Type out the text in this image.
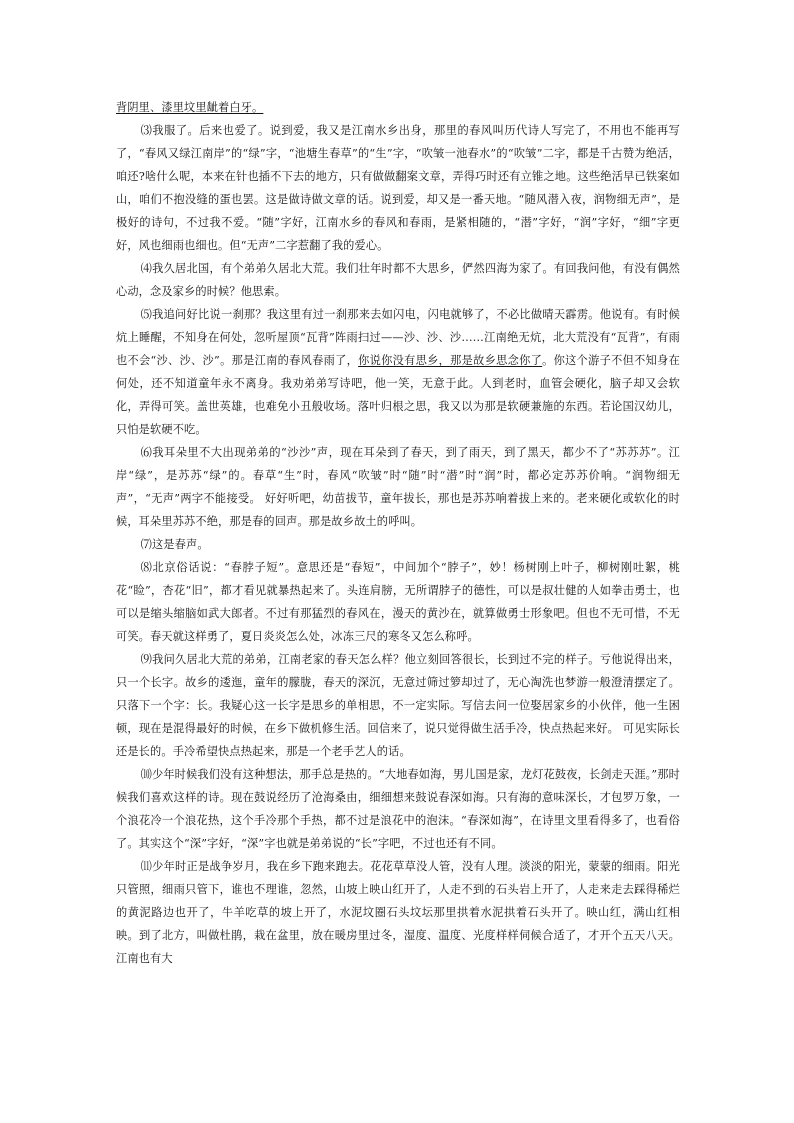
背阴里、漆里坟里龇着白牙。

⑶我服了。后来也爱了。说到爱，我又是江南水乡出身，那里的春风叫历代诗人写完了，不用也不能再写了，“春风又绿江南岸”的“绿”字，“池塘生春草”的“生”字，“吹皱一池春水”的“吹皱”二字，都是千古赞为绝活，咱还?啥什么呢，本来在针也插不下去的地方，只有做做翻案文章，弄得巧时还有立锥之地。这些绝活早已铁案如山，咱们不抱没缝的蛋也罢。这是做诗做文章的话。说到爱，却又是一番天地。“随风潜入夜，润物细无声”，是极好的诗句，不过我不爱。“随”字好，江南水乡的春风和春雨，是紧相随的，“潜”字好，“润”字好，“细”字更好，风也细雨也细也。但“无声”二字惹翻了我的爱心。

⑷我久居北国，有个弟弟久居北大荒。我们壮年时都不大思乡，俨然四海为家了。有回我问他，有没有偶然心动，念及家乡的时候？他思索。

⑸我追问好比说一刹那？我这里有过一刹那来去如闪电，闪电就够了，不必比做晴天霹雳。他说有。有时候炕上睡醒，不知身在何处，忽听屋顶“瓦背”阵雨扫过——沙、沙、沙……江南绝无炕，北大荒没有“瓦背”，有雨也不会“沙、沙、沙”。那是江南的春风春雨了，你说你没有思乡，那是故乡思念你了。你这个游子不但不知身在何处，还不知道童年永不离身。我劝弟弟写诗吧，他一笑，无意于此。人到老时，血管会硬化，脑子却又会软化，弄得可笑。盖世英雄，也难免小丑般收场。落叶归根之思，我又以为那是软硬兼施的东西。若论国汉幼儿，只怕是软硬不吃。

⑹我耳朵里不大出现弟弟的“沙沙”声，现在耳朵到了春天，到了雨天，到了黑天，都少不了“苏苏苏”。江岸“绿”，是苏苏“绿”的。春草“生”时，春风“吹皱”时“随”时“潜”时“润”时，都必定苏苏价响。“润物细无声”，“无声”两字不能接受。 好好听吧，幼苗拔节，童年拔长，那也是苏苏响着拔上来的。老来硬化或软化的时候，耳朵里苏苏不绝，那是春的回声。那是故乡故土的呼叫。

⑺这是春声。

⑻北京俗话说：“春脖子短”。意思还是“春短”，中间加个“脖子”，妙！杨树刚上叶子，柳树刚吐絮，桃花“睑”，杏花“旧”，都才看见就暴热起来了。头连肩膀，无所谓脖子的德性，可以是叔壮健的人如拳击勇士，也可以是缩头缩脑如武大郎者。不过有那猛烈的春风在，漫天的黄沙在，就算做勇士形象吧。但也不无可惜，不无可笑。春天就这样勇了，夏日炎炎怎么处，冰冻三尺的寒冬又怎么称呼。

⑼我问久居北大荒的弟弟，江南老家的春天怎么样？他立刻回答很长，长到过不完的样子。亏他说得出来，只一个长字。故乡的逶迤，童年的朦胧，春天的深沉，无意过筛过箩却过了，无心淘洗也梦游一般澄清摆定了。只落下一个字：长。我疑心这一长字是思乡的单相思，不一定实际。写信去问一位娶居家乡的小伙伴，他一生困顿，现在是混得最好的时候，在乡下做机修生活。回信来了，说只觉得做生活手冷，快点热起来好。 可见实际长还是长的。手冷希望快点热起来，那是一个老手艺人的话。

⑽少年时候我们没有这种想法，那手总是热的。“大地春如海，男儿国是家，龙灯花鼓夜，长剑走天涯。”那时候我们喜欢这样的诗。现在鼓说经历了沧海桑由，细细想来鼓说春深如海。只有海的意味深长，才包罗万象，一个浪花冷一个浪花热，这个手冷那个手热，都不过是浪花中的泡沫。“春深如海”，在诗里文里看得多了，也看俗了。其实这个“深”字好，“深”字也就是弟弟说的“长”字吧，不过也还有不同。

⑾少年时正是战争岁月，我在乡下跑来跑去。花花草草没人管，没有人理。淡淡的阳光，蒙蒙的细雨。阳光只管照，细雨只管下，谁也不理谁，忽然，山坡上映山红开了，人走不到的石头岩上开了，人走来走去踩得稀烂的黄泥路边也开了，牛羊吃草的坡上开了，水泥坟圈石头坟坛那里拱着水泥拱着石头开了。映山红，满山红相映。到了北方，叫做杜鹃，栽在盆里，放在暖房里过冬，湿度、温度、光度样样伺候合适了，才开个五天八天。 江南也有大
